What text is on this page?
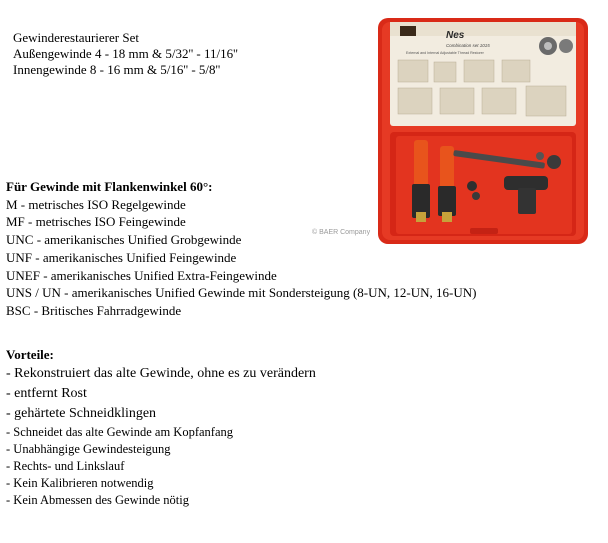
Gewinderestaurierer Set
Außengewinde 4 - 18 mm & 5/32'' - 11/16''
Innengewinde 8 - 16 mm & 5/16'' - 5/8''
Nes
Combination set 1015
External and Internal Adjustable Thread Restorer
© BAER Company
Für Gewinde mit Flankenwinkel 60°:
M - metrisches ISO Regelgewinde
MF - metrisches ISO Feingewinde
UNC - amerikanisches Unified Grobgewinde
UNF - amerikanisches Unified Feingewinde
UNEF - amerikanisches Unified Extra-Feingewinde
UNS / UN - amerikanisches Unified Gewinde mit Sondersteigung (8-UN, 12-UN, 16-UN)
BSC - Britisches Fahrradgewinde
Vorteile:
- Rekonstruiert das alte Gewinde, ohne es zu verändern
- entfernt Rost
- gehärtete Schneidklingen
- Schneidet das alte Gewinde am Kopfanfang
- Unabhängige Gewindesteigung
- Rechts- und Linkslauf
- Kein Kalibrieren notwendig
- Kein Abmessen des Gewinde nötig
